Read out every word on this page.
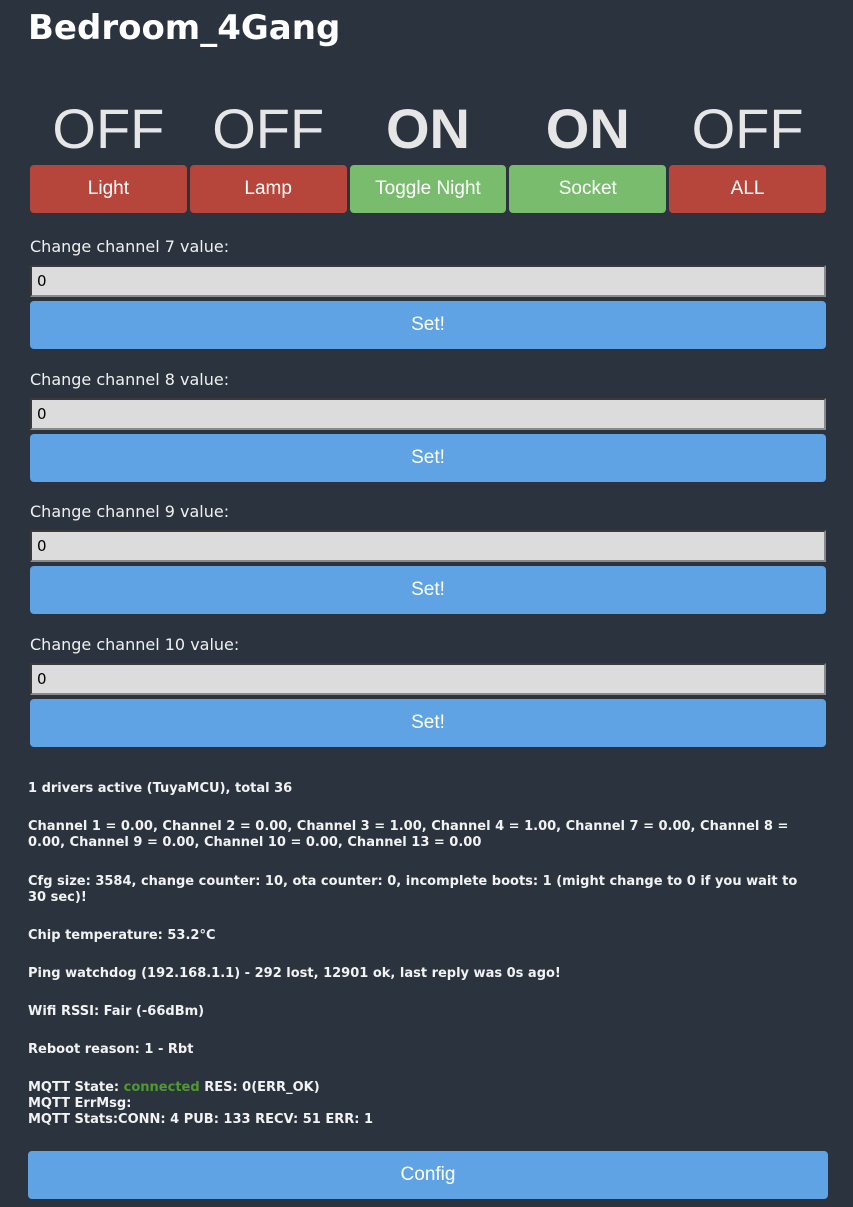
Bedroom_4Gang
OFF OFF	ON	ON	OFF
Light	Lamp	Toggle Night	Socket	ALL
Change channel 7 value:
0
Set!
Change channel 8 value:
0
Set!
Change channel 9 value:
0
Set!
Change channel 10 value:
0
Set!

1 drivers active (TuyaMCU), total 36

Channel 1 = 0.00, Channel 2 = 0.00, Channel 3 = 1.00, Channel 4 = 1.00, Channel 7 = 0.00, Channel 8 = 0.00, Channel 9 = 0.00, Channel 10 = 0.00, Channel 13 = 0.00

Cfg size: 3584, change counter: 10, ota counter: 0, incomplete boots: 1 (might change to 0 if you wait to 30 sec)!

Chip temperature: 53.2°C

Ping watchdog (192.168.1.1) - 292 lost, 12901 ok, last reply was 0s ago!

Wifi RSSI: Fair (-66dBm)

Reboot reason: 1 - Rbt

MQTT State: connected RES: 0(ERR_OK)
MQTT ErrMsg:
MQTT Stats:CONN: 4 PUB: 133 RECV: 51 ERR: 1
Config
